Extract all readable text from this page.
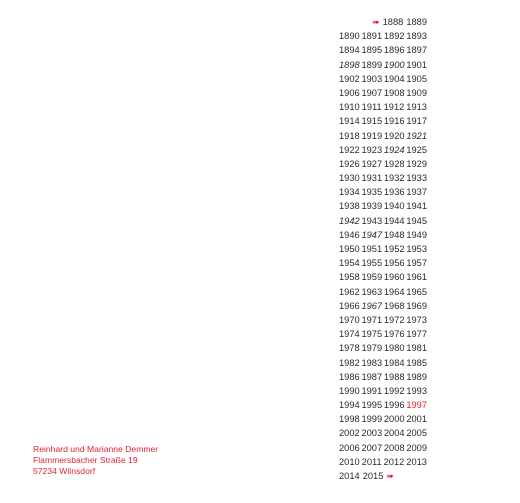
➠ 1888 1889
1890 1891 1892 1893
1894 1895 1896 1897
1898 1899 1900 1901
1902 1903 1904 1905
1906 1907 1908 1909
1910 1911 1912 1913
1914 1915 1916 1917
1918 1919 1920 1921
1922 1923 1924 1925
1926 1927 1928 1929
1930 1931 1932 1933
1934 1935 1936 1937
1938 1939 1940 1941
1942 1943 1944 1945
1946 1947 1948 1949
1950 1951 1952 1953
1954 1955 1956 1957
1958 1959 1960 1961
1962 1963 1964 1965
1966 1967 1968 1969
1970 1971 1972 1973
1974 1975 1976 1977
1978 1979 1980 1981
1982 1983 1984 1985
1986 1987 1988 1989
1990 1991 1992 1993
1994 1995 1996 1997
1998 1999 2000 2001
2002 2003 2004 2005
2006 2007 2008 2009
2010 2011 2012 2013
2014 2015 ➠
Reinhard und Marianne Demmer
Flammersbacher Straße 19
57234 Wilnsdorf
